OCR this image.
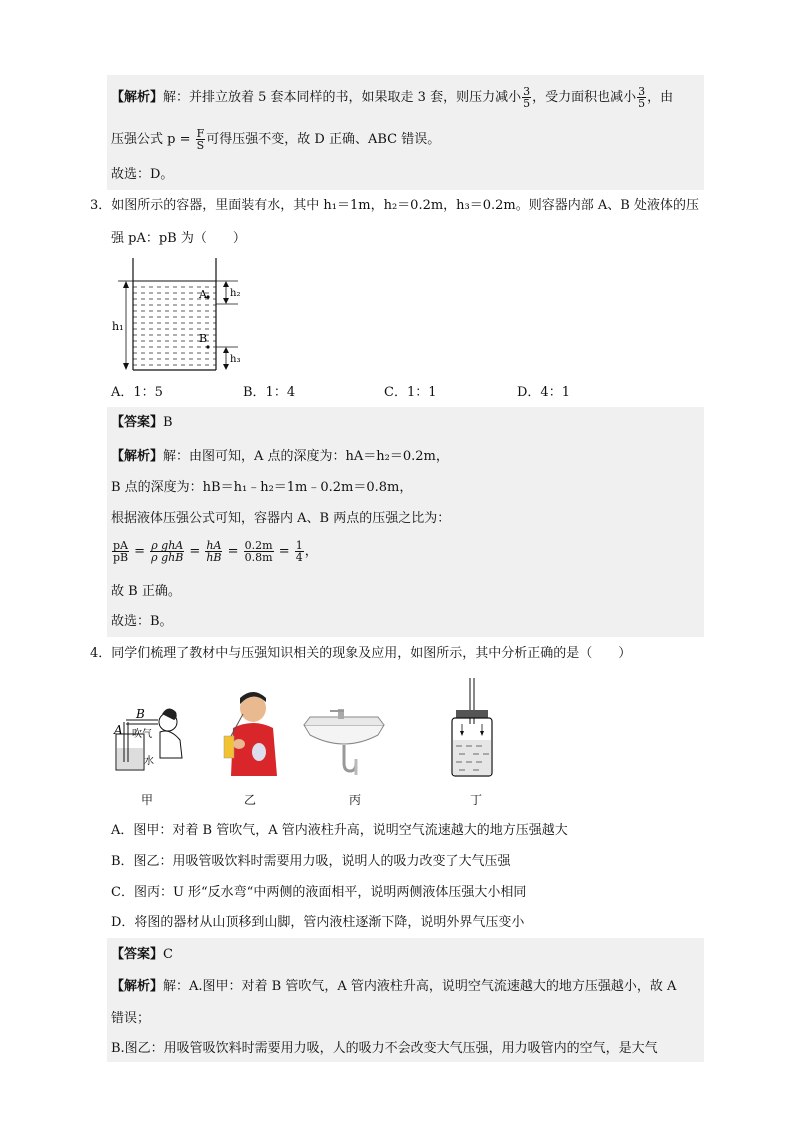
【解析】解：并排立放着 5 套本同样的书，如果取走 3 套，则压力减小 $\frac{3}{5}$ ，受力面积也减小 $\frac{3}{5}$ ，由
压强公式 $p = \frac{F}{S}$ 可得压强不变，故 D 正确、ABC 错误。
故选：D。
3．如图所示的容器，里面装有水，其中 h₁＝1m，h₂＝0.2m，h₃＝0.2m。则容器内部 A、B 处液体的压
强 pA：pB 为（　　）
h₁
h₂
h₃
A
B
A．1：5	B．1：4	C．1：1	D．4：1
【答案】B
【解析】解：由图可知，A 点的深度为：hA＝h₂＝0.2m，
B 点的深度为：hB＝h₁﹣h₂＝1m﹣0.2m＝0.8m，
根据液体压强公式可知，容器内 A、B 两点的压强之比为：
$\frac{pA}{pB} = \frac{\text{ρ ghA}}{\text{ρ ghB}} = \frac{hA}{hB} = \frac{0.2m}{0.8m} = \frac{1}{4}$ ，
故 B 正确。
故选：B。
4．同学们梳理了教材中与压强知识相关的现象及应用，如图所示，其中分析正确的是（　　）
B
A 吹气
水
甲	乙	丙	丁
A．图甲：对着 B 管吹气，A 管内液柱升高，说明空气流速越大的地方压强越大
B．图乙：用吸管吸饮料时需要用力吸，说明人的吸力改变了大气压强
C．图丙：U 形“反水弯“中两侧的液面相平，说明两侧液体压强大小相同
D．将图的器材从山顶移到山脚，管内液柱逐渐下降，说明外界气压变小
【答案】C
【解析】解：A.图甲：对着 B 管吹气，A 管内液柱升高，说明空气流速越大的地方压强越小，故 A
错误；
B.图乙：用吸管吸饮料时需要用力吸，人的吸力不会改变大气压强，用力吸管内的空气，是大气
